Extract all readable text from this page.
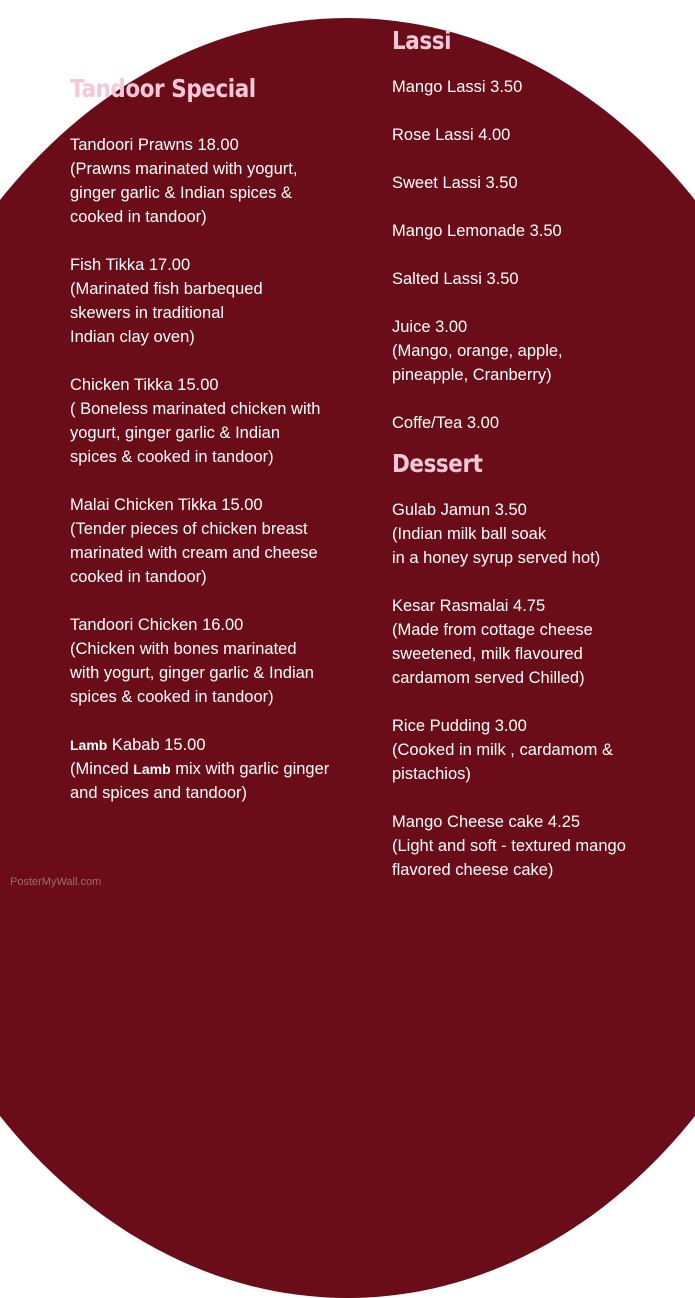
Tandoor Special
Tandoori Prawns 18.00
(Prawns marinated with yogurt,
ginger garlic & Indian spices &
cooked in tandoor)
Fish Tikka 17.00
(Marinated fish barbequed
skewers in traditional
Indian clay oven)
Chicken Tikka 15.00
( Boneless marinated chicken with
yogurt, ginger garlic & Indian
spices & cooked in tandoor)
Malai Chicken Tikka 15.00
(Tender pieces of chicken breast
marinated with cream and cheese
cooked in tandoor)
Tandoori Chicken 16.00
(Chicken with bones marinated
with yogurt, ginger garlic & Indian
spices & cooked in tandoor)
Lamb Kabab 15.00
(Minced Lamb mix with garlic ginger
and spices and tandoor)
Lassi
Mango Lassi 3.50
Rose Lassi 4.00
Sweet Lassi 3.50
Mango Lemonade 3.50
Salted Lassi 3.50
Juice 3.00
(Mango, orange, apple,
pineapple, Cranberry)
Coffe/Tea 3.00
Dessert
Gulab Jamun 3.50
(Indian milk ball soak
in a honey syrup served hot)
Kesar Rasmalai 4.75
(Made from cottage cheese
sweetened, milk flavoured
cardamom served Chilled)
Rice Pudding 3.00
(Cooked in milk , cardamom &
pistachios)
Mango Cheese cake 4.25
(Light and soft - textured mango
flavored cheese cake)
PosterMyWall.com
